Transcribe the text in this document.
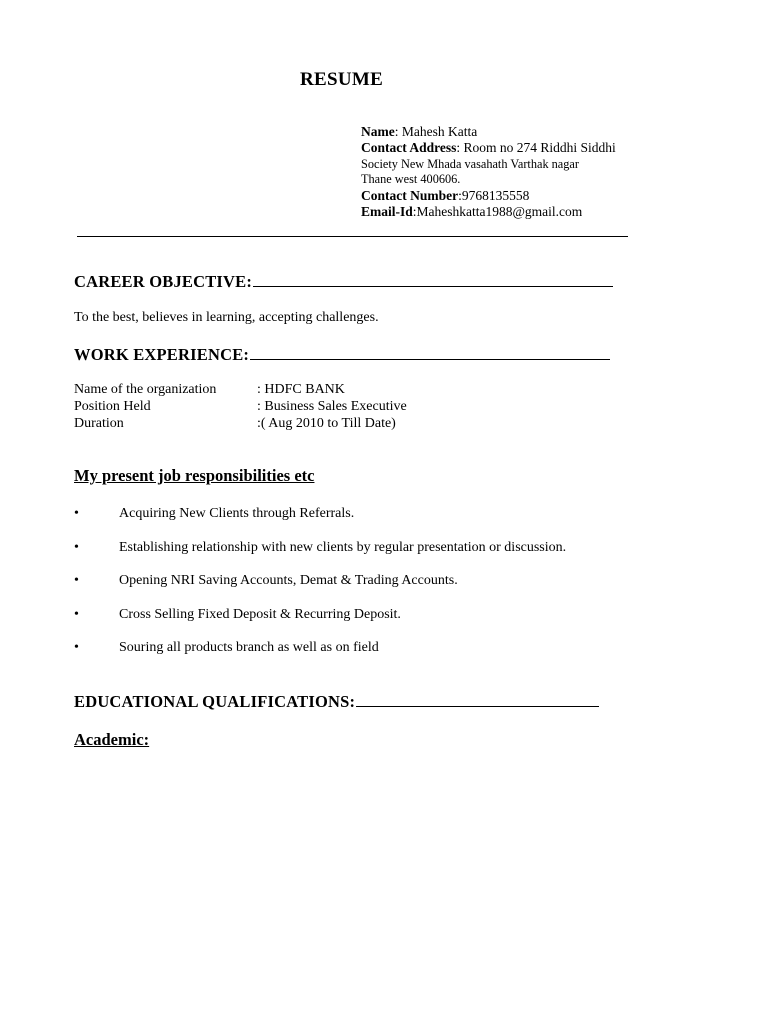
RESUME
Name: Mahesh Katta
Contact Address: Room no 274 Riddhi Siddhi
Society New Mhada vasahath Varthak nagar
Thane west 400606.
Contact Number:9768135558
Email-Id:Maheshkatta1988@gmail.com
CAREER OBJECTIVE:
To the best, believes in learning, accepting challenges.
WORK EXPERIENCE:
Name of the organization	: HDFC BANK
Position Held	: Business Sales Executive
Duration	:( Aug 2010 to Till Date)
My present job responsibilities etc
•	Acquiring New Clients through Referrals.
•	Establishing relationship with new clients by regular presentation or discussion.
•	Opening NRI Saving Accounts, Demat & Trading Accounts.
•	Cross Selling Fixed Deposit & Recurring Deposit.
•	Souring all products branch as well as on field
EDUCATIONAL QUALIFICATIONS:
Academic:
